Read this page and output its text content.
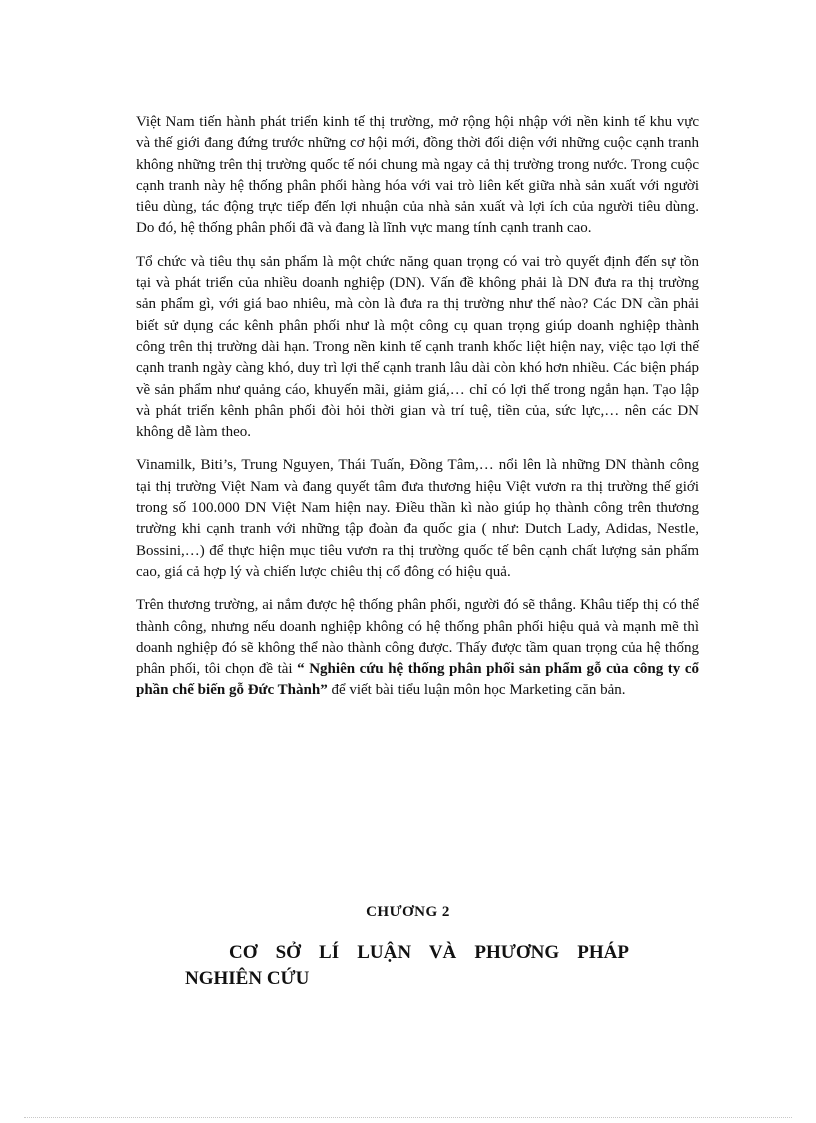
Việt Nam tiến hành phát triển kinh tế thị trường, mở rộng hội nhập với nền kinh tế khu vực và thế giới đang đứng trước những cơ hội mới, đồng thời đối diện với những cuộc cạnh tranh không những trên thị trường quốc tế nói chung mà ngay cả thị trường trong nước. Trong cuộc cạnh tranh này hệ thống phân phối hàng hóa với vai trò liên kết giữa nhà sản xuất với người tiêu dùng, tác động trực tiếp đến lợi nhuận của nhà sản xuất và lợi ích của người tiêu dùng. Do đó, hệ thống phân phối đã và đang là lĩnh vực mang tính cạnh tranh cao.

Tổ chức và tiêu thụ sản phẩm là một chức năng quan trọng có vai trò quyết định đến sự tồn tại và phát triển của nhiều doanh nghiệp (DN). Vấn đề không phải là DN đưa ra thị trường sản phẩm gì, với giá bao nhiêu, mà còn là đưa ra thị trường như thế nào? Các DN cần phải biết sử dụng các kênh phân phối như là một công cụ quan trọng giúp doanh nghiệp thành công trên thị trường dài hạn. Trong nền kinh tế cạnh tranh khốc liệt hiện nay, việc tạo lợi thế cạnh tranh ngày càng khó, duy trì lợi thế cạnh tranh lâu dài còn khó hơn nhiều. Các biện pháp về sản phẩm như quảng cáo, khuyến mãi, giảm giá,… chỉ có lợi thế trong ngắn hạn. Tạo lập và phát triển kênh phân phối đòi hỏi thời gian và trí tuệ, tiền của, sức lực,… nên các DN không dễ làm theo.

Vinamilk, Biti’s, Trung Nguyen, Thái Tuấn, Đồng Tâm,… nổi lên là những DN thành công tại thị trường Việt Nam và đang quyết tâm đưa thương hiệu Việt vươn ra thị trường thế giới trong số 100.000 DN Việt Nam hiện nay. Điều thần kì nào giúp họ thành công trên thương trường khi cạnh tranh với những tập đoàn đa quốc gia ( như: Dutch Lady, Adidas, Nestle, Bossini,…) để thực hiện mục tiêu vươn ra thị trường quốc tế bên cạnh chất lượng sản phẩm cao, giá cả hợp lý và chiến lược chiêu thị cổ đông có hiệu quả.

Trên thương trường, ai nắm được hệ thống phân phối, người đó sẽ thắng. Khâu tiếp thị có thể thành công, nhưng nếu doanh nghiệp không có hệ thống phân phối hiệu quả và mạnh mẽ thì doanh nghiệp đó sẽ không thể nào thành công được. Thấy được tầm quan trọng của hệ thống phân phối, tôi chọn đề tài “ Nghiên cứu hệ thống phân phối sản phẩm gỗ của công ty cổ phần chế biến gỗ Đức Thành” để viết bài tiểu luận môn học Marketing căn bản.

CHƯƠNG 2
CƠ SỞ LÍ LUẬN VÀ PHƯƠNG PHÁP
NGHIÊN CỨU
